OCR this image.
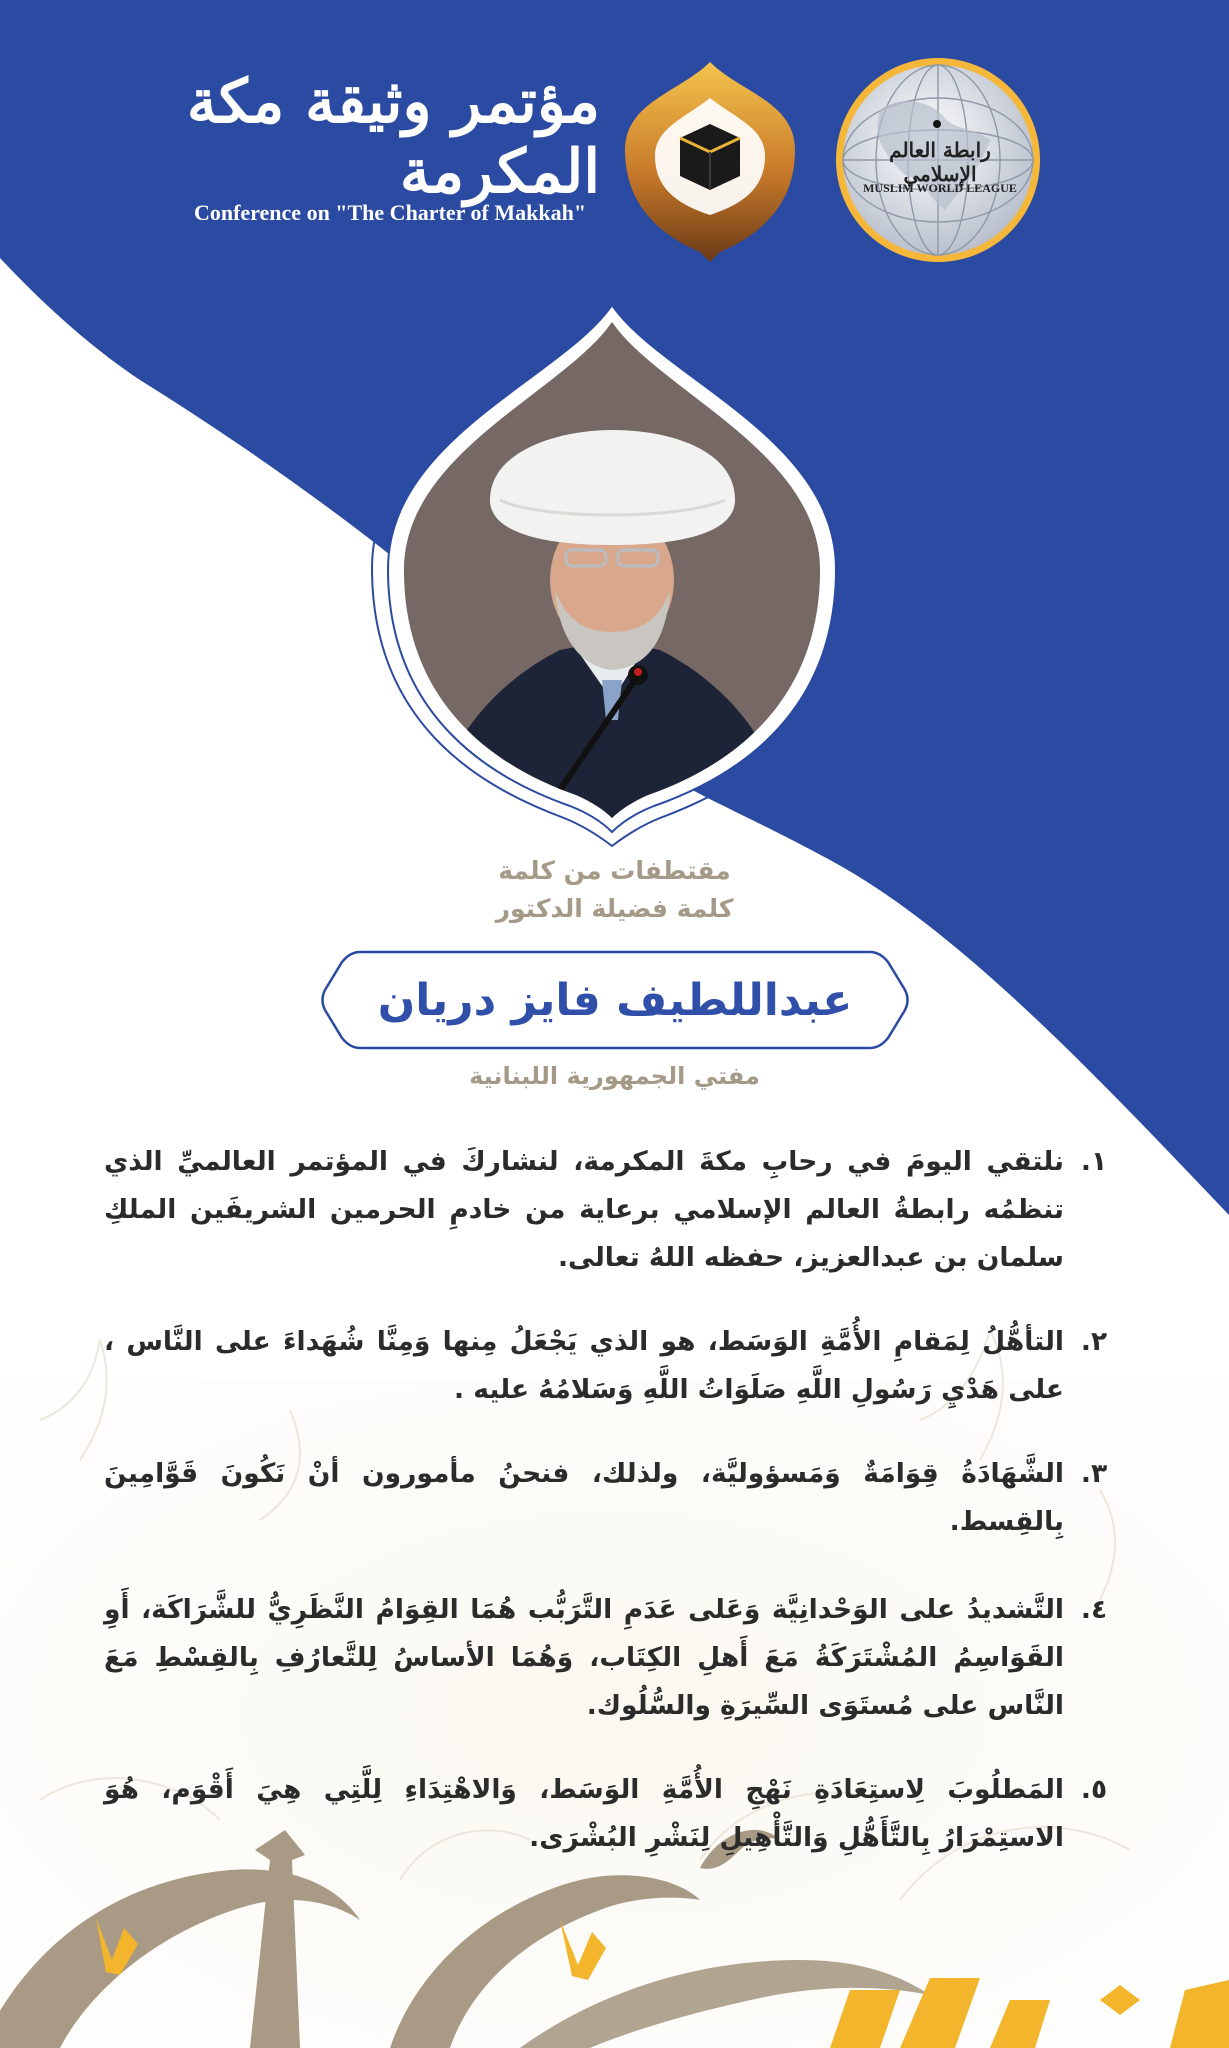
مؤتمر وثيقة مكة المكرمة
Conference on "The Charter of Makkah"
رابطة العالم الإسلامي
MUSLIM WORLD LEAGUE
مقتطفات من كلمة
كلمة فضيلة الدكتور
عبداللطيف فايز دريان
مفتي الجمهورية اللبنانية
١.
نلتقي اليومَ في رحابِ مكةَ المكرمة، لنشاركَ في المؤتمر العالميِّ الذي تنظمُه رابطةُ العالم الإسلامي برعاية من خادمِ الحرمين الشريفَين الملكِ سلمان بن عبدالعزيز، حفظه اللهُ تعالى.
٢.
التأهُّلُ لِمَقامِ الأُمَّةِ الوَسَط، هو الذي يَجْعَلُ مِنها وَمِنَّا شُهَداءَ على النَّاس ، على هَدْيِ رَسُولِ اللَّهِ صَلَوَاتُ اللَّهِ وَسَلامُهُ عليه .
٣.
الشَّهَادَةُ قِوَامَةٌ وَمَسؤوليَّة، ولذلك، فنحنُ مأمورون أنْ نَكُونَ قَوَّامِينَ بِالقِسط.
٤.
التَّشديدُ على الوَحْدانِيَّة وَعَلى عَدَمِ التَّرَبُّب هُمَا القِوَامُ النَّظَرِيُّ للشَّرَاكَة، أَوِ القَوَاسِمُ المُشْتَرَكَةُ مَعَ أَهلِ الكِتَاب، وَهُمَا الأساسُ لِلتَّعارُفِ بِالقِسْطِ مَعَ النَّاس على مُستَوَى السِّيرَةِ والسُّلُوك.
٥.
المَطلُوبَ لِاستِعَادَةِ نَهْجِ الأُمَّةِ الوَسَط، وَالاهْتِدَاءِ لِلَّتِي هِيَ أَقْوَم، هُوَ الاستِمْرَارُ بِالتَّأَهُّلِ وَالتَّأْهِيلِ لِنَشْرِ البُشْرَى.
